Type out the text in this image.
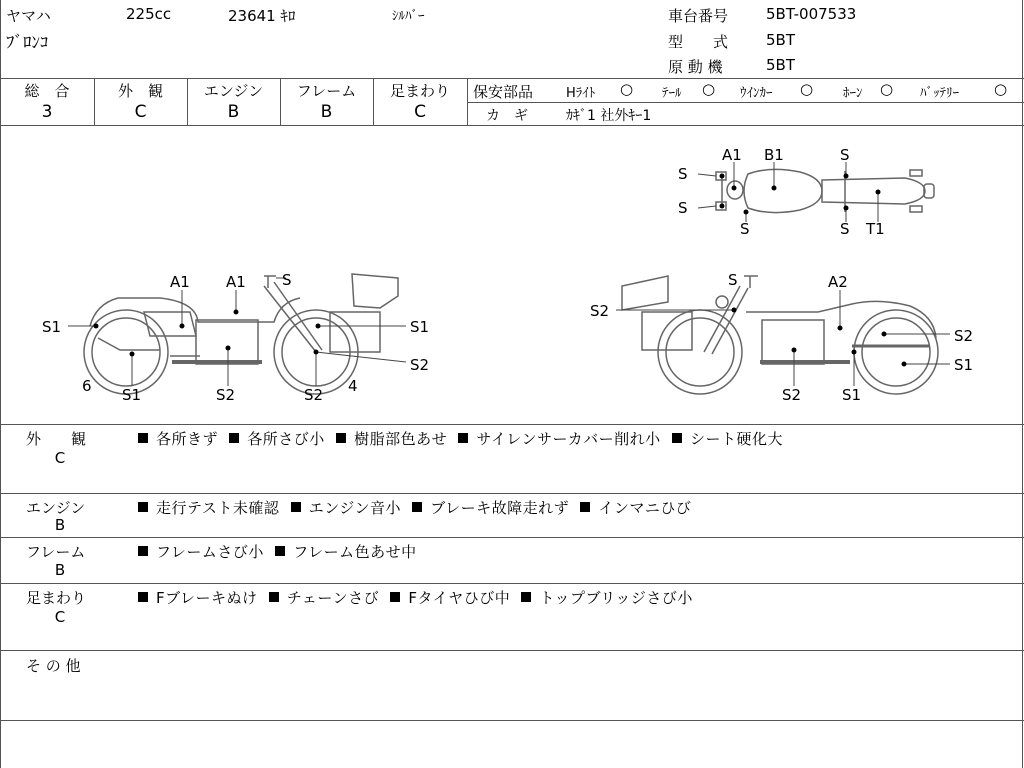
ヤマハ	225cc	23641 ｷﾛ	ｼﾙﾊﾞｰ
ﾌﾞﾛﾝｺ
車台番号	5BT-007533
型　　式	5BT
原 動 機	5BT
総　合
3
外　観
C
エンジン
B
フレーム
B
足まわり
C
保安部品	Hﾗｲﾄ ○ ﾃｰﾙ ○ ｳｲﾝｶｰ ○ ﾎｰﾝ ○ ﾊﾞｯﾃﾘｰ ○
カ　ギ	ｶｷﾞ1 社外ｷｰ1
A1 B1	S
S
S
S	S T1
A1 A1 S
S1	S1
S2
6 S1	S2	S2 4
S	A2
S2
S2
S1
S2	S1
外　　観
C
各所きず 各所さび小 樹脂部色あせ サイレンサーカバー削れ小 シート硬化大
エンジン
B
走行テスト未確認 エンジン音小 ブレーキ故障走れず インマニひび
フレーム
B
フレームさび小 フレーム色あせ中
足まわり
C
Fブレーキぬけ チェーンさび Fタイヤひび中 トップブリッジさび小
そ の 他
